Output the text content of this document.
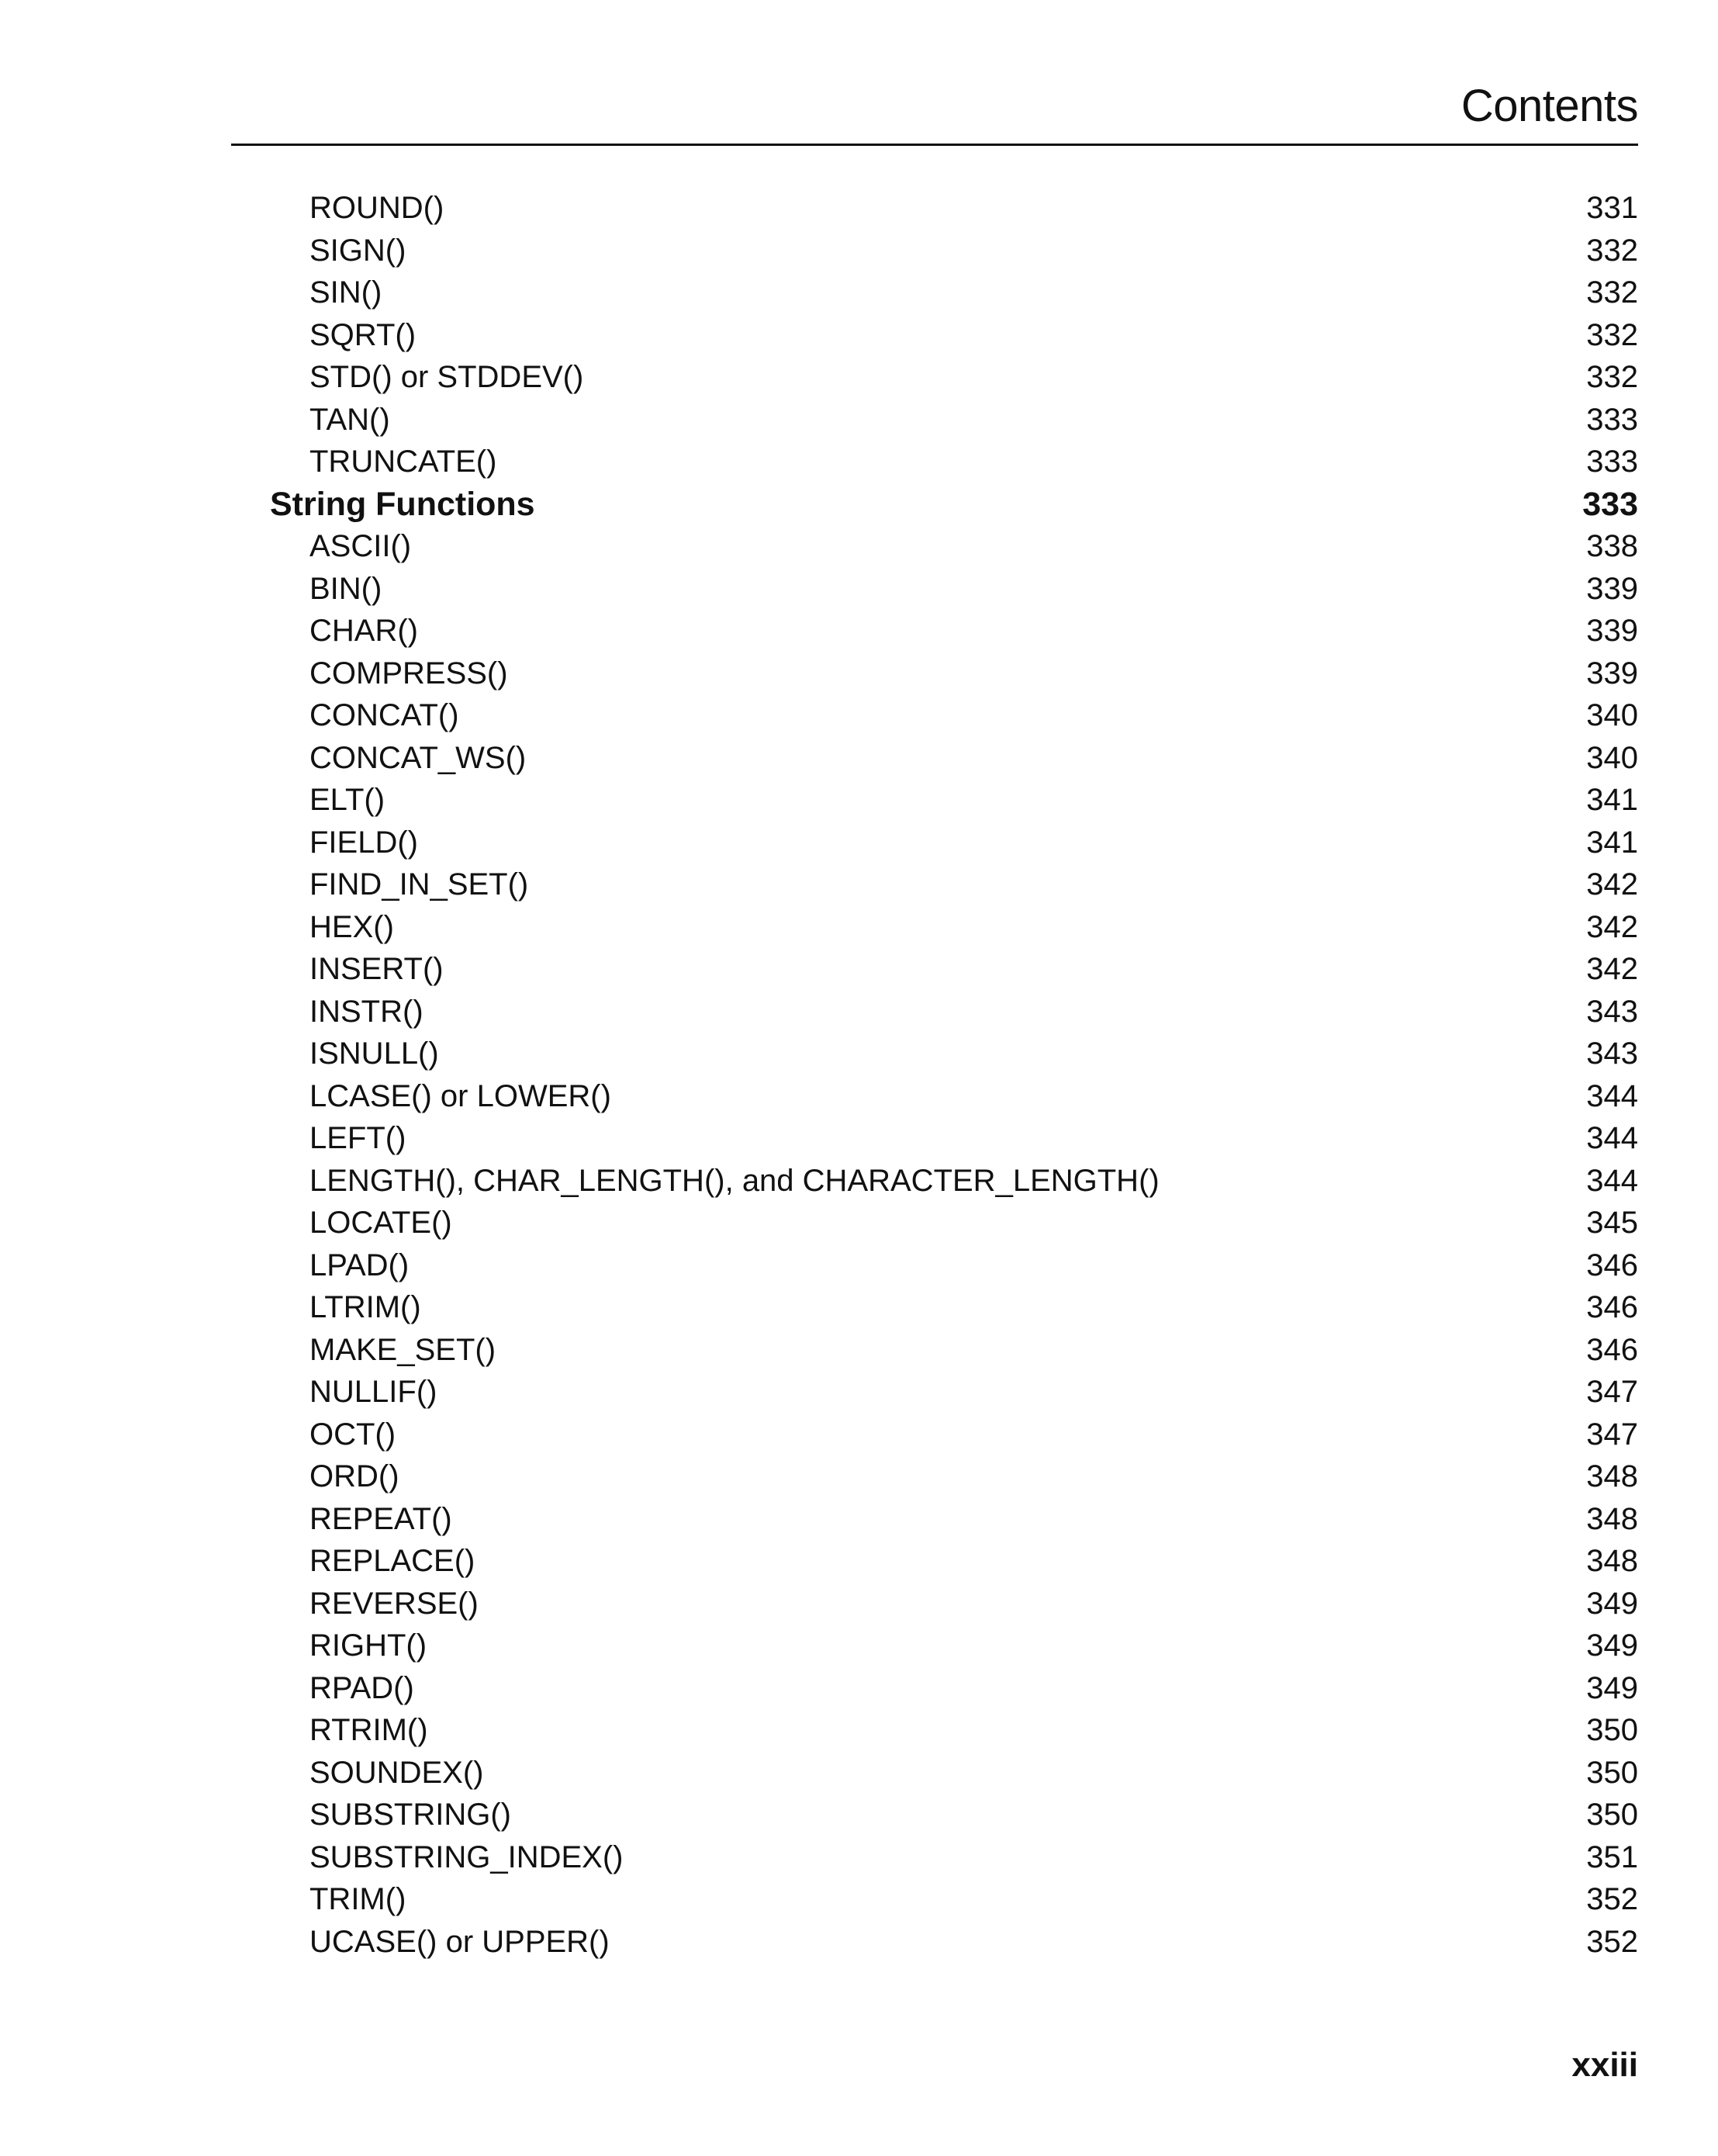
Contents
ROUND()	331
SIGN()	332
SIN()	332
SQRT()	332
STD() or STDDEV()	332
TAN()	333
TRUNCATE()	333
String Functions	333
ASCII()	338
BIN()	339
CHAR()	339
COMPRESS()	339
CONCAT()	340
CONCAT_WS()	340
ELT()	341
FIELD()	341
FIND_IN_SET()	342
HEX()	342
INSERT()	342
INSTR()	343
ISNULL()	343
LCASE() or LOWER()	344
LEFT()	344
LENGTH(), CHAR_LENGTH(), and CHARACTER_LENGTH()	344
LOCATE()	345
LPAD()	346
LTRIM()	346
MAKE_SET()	346
NULLIF()	347
OCT()	347
ORD()	348
REPEAT()	348
REPLACE()	348
REVERSE()	349
RIGHT()	349
RPAD()	349
RTRIM()	350
SOUNDEX()	350
SUBSTRING()	350
SUBSTRING_INDEX()	351
TRIM()	352
UCASE() or UPPER()	352
xxiii
